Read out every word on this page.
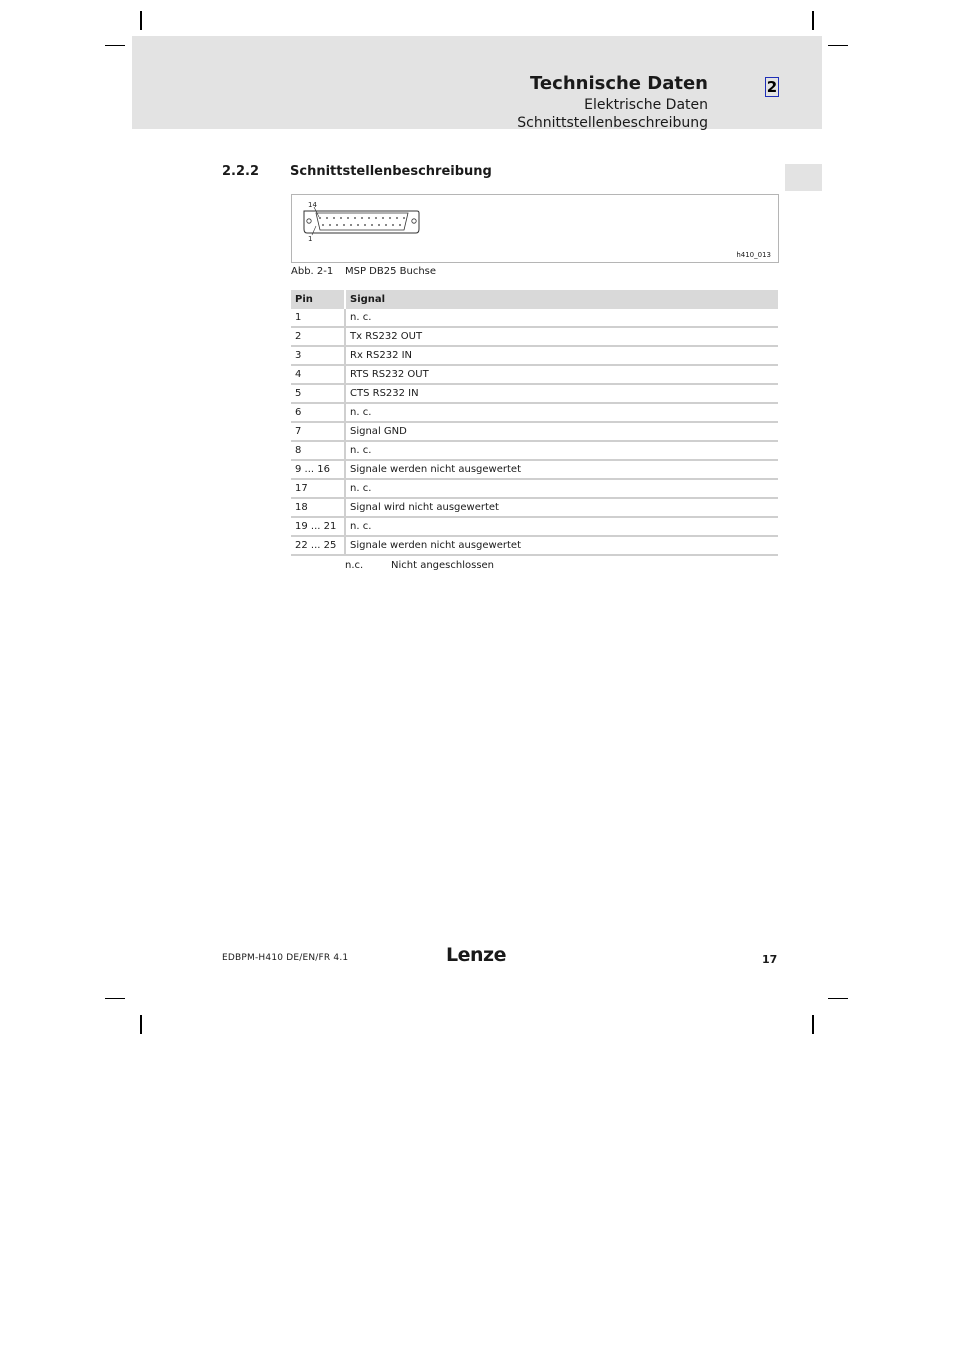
Technische Daten
Elektrische Daten
Schnittstellenbeschreibung
2
2.2.2 Schnittstellenbeschreibung
14
1
h410_013
Abb. 2-1 MSP DB25 Buchse
Pin	Signal
1	n. c.
2	Tx RS232 OUT
3	Rx RS232 IN
4	RTS RS232 OUT
5	CTS RS232 IN
6	n. c.
7	Signal GND
8	n. c.
9 ... 16	Signale werden nicht ausgewertet
17	n. c.
18	Signal wird nicht ausgewertet
19 ... 21	n. c.
22 ... 25	Signale werden nicht ausgewertet
n.c.	Nicht angeschlossen
EDBPM-H410 DE/EN/FR 4.1	Lenze	17
